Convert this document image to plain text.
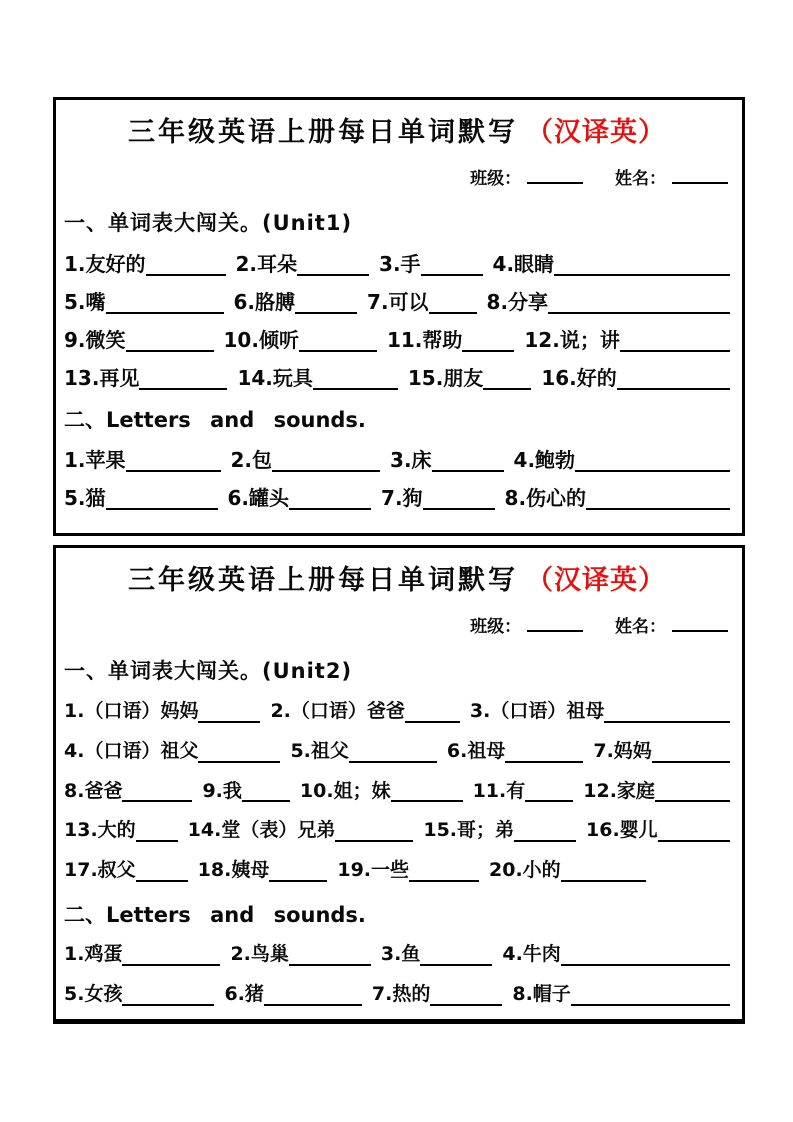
三年级英语上册每日单词默写 （汉译英）
班级：	姓名：
一、单词表大闯关。(Unit1)
1.友好的	2.耳朵	3.手	4.眼睛
5.嘴	6.胳膊	7.可以	8.分享
9.微笑	10.倾听	11.帮助	12.说；讲
13.再见	14.玩具	15.朋友	16.好的
二、Letters and sounds.
1.苹果	2.包	3.床	4.鲍勃
5.猫	6.罐头	7.狗	8.伤心的
三年级英语上册每日单词默写 （汉译英）
班级：	姓名：
一、单词表大闯关。(Unit2)
1.（口语）妈妈	2.（口语）爸爸	3.（口语）祖母
4.（口语）祖父	5.祖父	6.祖母	7.妈妈
8.爸爸	9.我	10.姐；妹	11.有	12.家庭
13.大的	14.堂（表）兄弟	15.哥；弟	16.婴儿
17.叔父	18.姨母	19.一些	20.小的
二、Letters and sounds.
1.鸡蛋	2.鸟巢	3.鱼	4.牛肉
5.女孩	6.猪	7.热的	8.帽子
